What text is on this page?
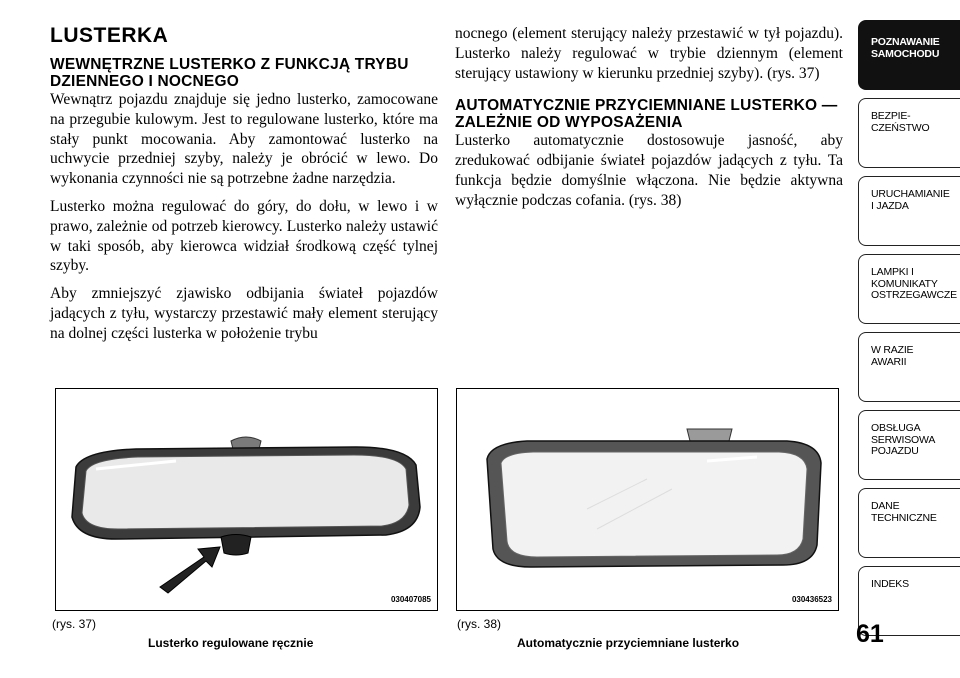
LUSTERKA
WEWNĘTRZNE LUSTERKO Z FUNKCJĄ TRYBU DZIENNEGO I NOCNEGO

Wewnątrz pojazdu znajduje się jedno lusterko, zamocowane na przegubie kulowym. Jest to regulowane lusterko, które ma stały punkt mocowania. Aby zamontować lusterko na uchwycie przedniej szyby, należy je obrócić w lewo. Do wykonania czynności nie są potrzebne żadne narzędzia.

Lusterko można regulować do góry, do dołu, w lewo i w prawo, zależnie od potrzeb kierowcy. Lusterko należy ustawić w taki sposób, aby kierowca widział środkową część tylnej szyby.

Aby zmniejszyć zjawisko odbijania świateł pojazdów jadących z tyłu, wystarczy przestawić mały element sterujący na dolnej części lusterka w położenie trybu

nocnego (element sterujący należy przestawić w tył pojazdu). Lusterko należy regulować w trybie dziennym (element sterujący ustawiony w kierunku przedniej szyby). (rys. 37)

AUTOMATYCZNIE PRZYCIEMNIANE LUSTERKO — ZALEŻNIE OD WYPOSAŻENIA

Lusterko automatycznie dostosowuje jasność, aby zredukować odbijanie świateł pojazdów jadących z tyłu. Ta funkcja będzie domyślnie włączona. Nie będzie aktywna wyłącznie podczas cofania. (rys. 38)

030407085	030436523
(rys. 37)
Lusterko regulowane ręcznie
(rys. 38)
Automatycznie przyciemniane lusterko
POZNAWANIE
SAMOCHODU
BEZPIE-
CZEŃSTWO
URUCHAMIANIE
I JAZDA
LAMPKI I
KOMUNIKATY
OSTRZEGAWCZE
W RAZIE
AWARII
OBSŁUGA
SERWISOWA
POJAZDU
DANE
TECHNICZNE
INDEKS
61
